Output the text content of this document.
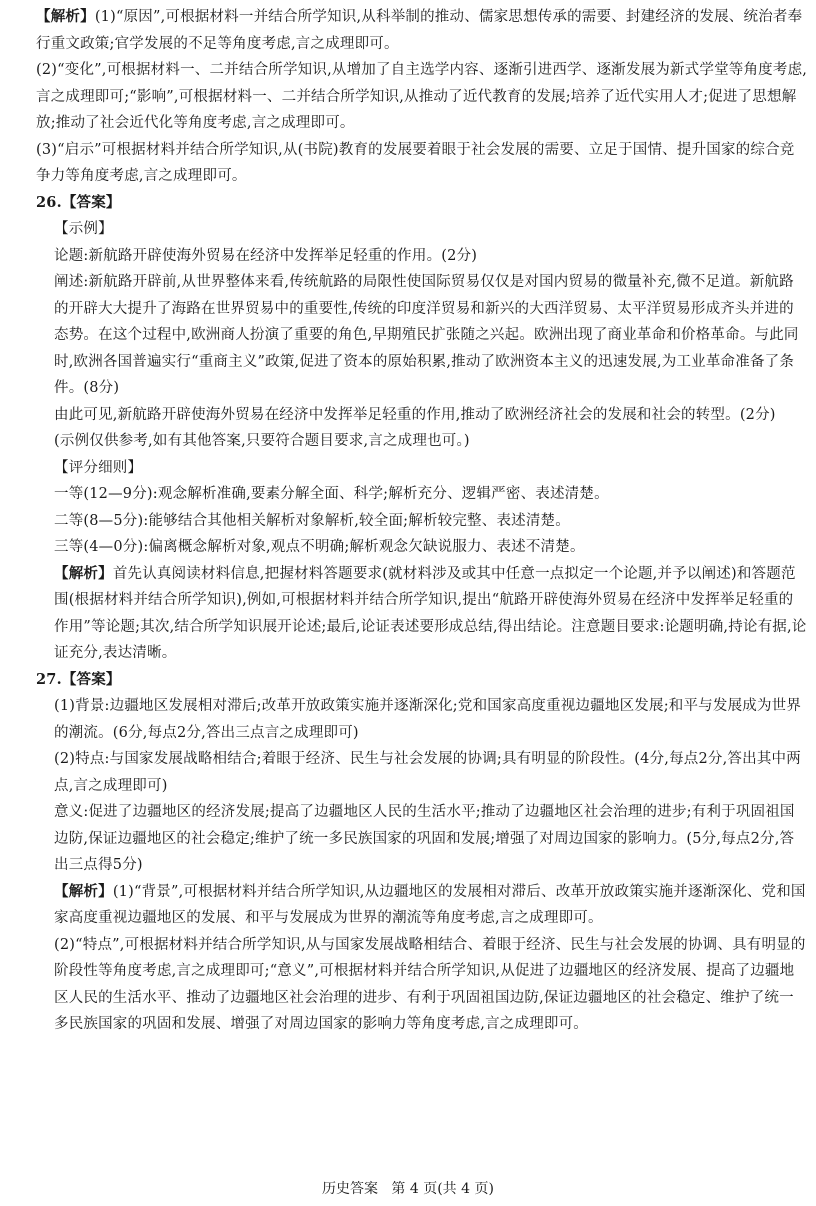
【解析】(1)“原因”,可根据材料一并结合所学知识,从科举制的推动、儒家思想传承的需要、封建经济的发展、统治者奉行重文政策;官学发展的不足等角度考虑,言之成理即可。

(2)“变化”,可根据材料一、二并结合所学知识,从增加了自主选学内容、逐渐引进西学、逐渐发展为新式学堂等角度考虑,言之成理即可;“影响”,可根据材料一、二并结合所学知识,从推动了近代教育的发展;培养了近代实用人才;促进了思想解放;推动了社会近代化等角度考虑,言之成理即可。

(3)“启示”可根据材料并结合所学知识,从(书院)教育的发展要着眼于社会发展的需要、立足于国情、提升国家的综合竞争力等角度考虑,言之成理即可。

26.【答案】

【示例】

论题:新航路开辟使海外贸易在经济中发挥举足轻重的作用。(2分)

阐述:新航路开辟前,从世界整体来看,传统航路的局限性使国际贸易仅仅是对国内贸易的微量补充,微不足道。新航路的开辟大大提升了海路在世界贸易中的重要性,传统的印度洋贸易和新兴的大西洋贸易、太平洋贸易形成齐头并进的态势。在这个过程中,欧洲商人扮演了重要的角色,早期殖民扩张随之兴起。欧洲出现了商业革命和价格革命。与此同时,欧洲各国普遍实行“重商主义”政策,促进了资本的原始积累,推动了欧洲资本主义的迅速发展,为工业革命准备了条件。(8分)

由此可见,新航路开辟使海外贸易在经济中发挥举足轻重的作用,推动了欧洲经济社会的发展和社会的转型。(2分)

(示例仅供参考,如有其他答案,只要符合题目要求,言之成理也可。)

【评分细则】

一等(12—9分):观念解析准确,要素分解全面、科学;解析充分、逻辑严密、表述清楚。

二等(8—5分):能够结合其他相关解析对象解析,较全面;解析较完整、表述清楚。

三等(4—0分):偏离概念解析对象,观点不明确;解析观念欠缺说服力、表述不清楚。

【解析】首先认真阅读材料信息,把握材料答题要求(就材料涉及或其中任意一点拟定一个论题,并予以阐述)和答题范围(根据材料并结合所学知识),例如,可根据材料并结合所学知识,提出“航路开辟使海外贸易在经济中发挥举足轻重的作用”等论题;其次,结合所学知识展开论述;最后,论证表述要形成总结,得出结论。注意题目要求:论题明确,持论有据,论证充分,表达清晰。

27.【答案】

(1)背景:边疆地区发展相对滞后;改革开放政策实施并逐渐深化;党和国家高度重视边疆地区发展;和平与发展成为世界的潮流。(6分,每点2分,答出三点言之成理即可)

(2)特点:与国家发展战略相结合;着眼于经济、民生与社会发展的协调;具有明显的阶段性。(4分,每点2分,答出其中两点,言之成理即可)

意义:促进了边疆地区的经济发展;提高了边疆地区人民的生活水平;推动了边疆地区社会治理的进步;有利于巩固祖国边防,保证边疆地区的社会稳定;维护了统一多民族国家的巩固和发展;增强了对周边国家的影响力。(5分,每点2分,答出三点得5分)

【解析】(1)“背景”,可根据材料并结合所学知识,从边疆地区的发展相对滞后、改革开放政策实施并逐渐深化、党和国家高度重视边疆地区的发展、和平与发展成为世界的潮流等角度考虑,言之成理即可。

(2)“特点”,可根据材料并结合所学知识,从与国家发展战略相结合、着眼于经济、民生与社会发展的协调、具有明显的阶段性等角度考虑,言之成理即可;“意义”,可根据材料并结合所学知识,从促进了边疆地区的经济发展、提高了边疆地区人民的生活水平、推动了边疆地区社会治理的进步、有利于巩固祖国边防,保证边疆地区的社会稳定、维护了统一多民族国家的巩固和发展、增强了对周边国家的影响力等角度考虑,言之成理即可。

历史答案   第 4 页(共 4 页)
